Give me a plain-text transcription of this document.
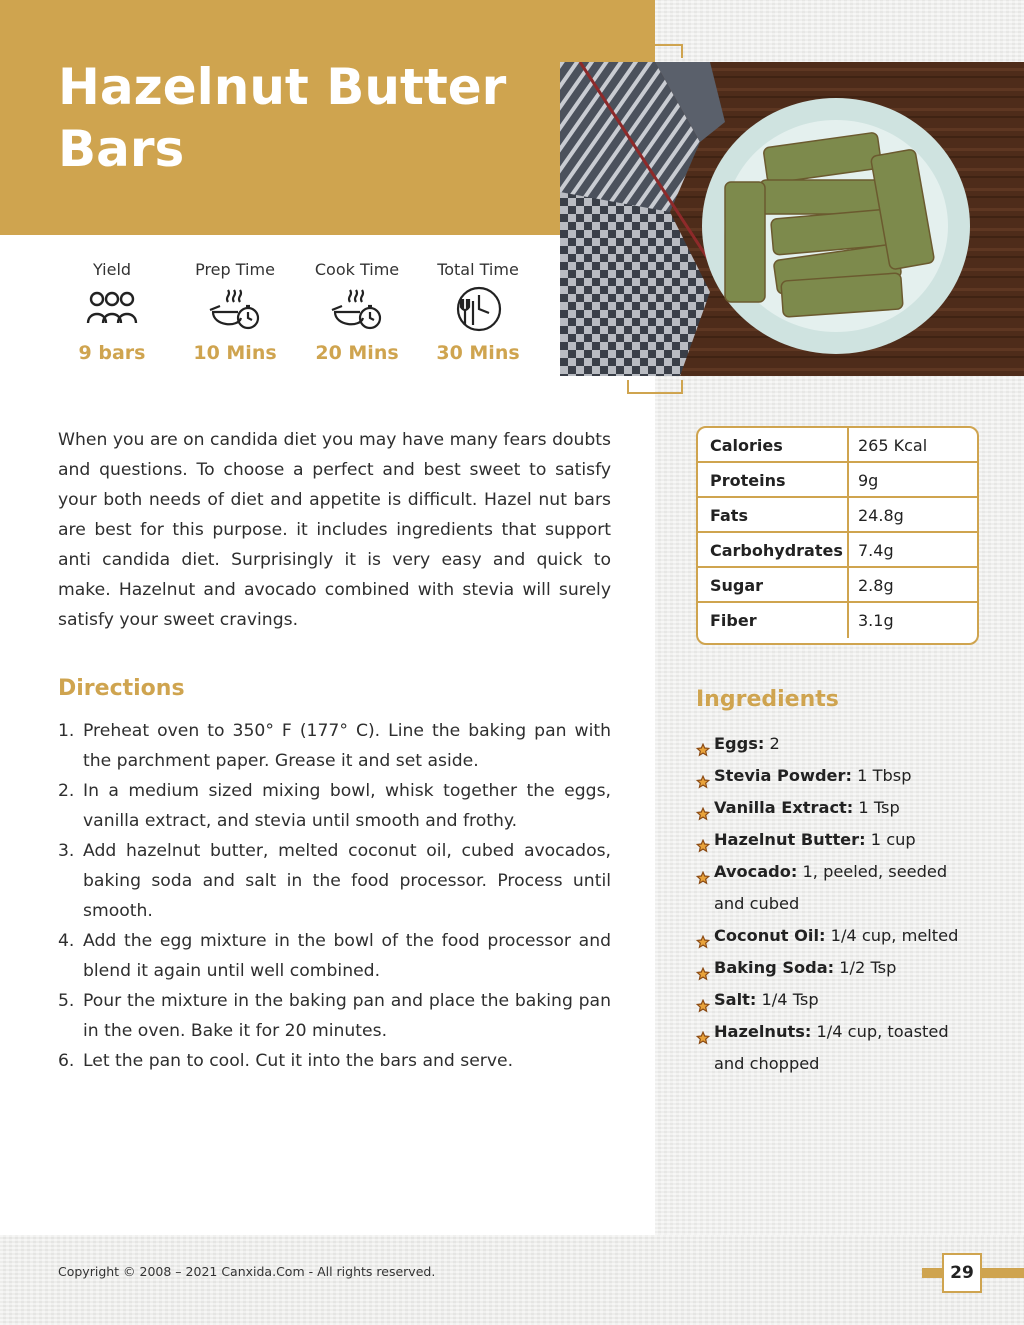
Hazelnut Butter Bars
Yield
9 bars
Prep Time
10 Mins
Cook Time
20 Mins
Total Time
30 Mins

When you are on candida diet you may have many fears doubts and questions. To choose a perfect and best sweet to satisfy your both needs of diet and appetite is difficult. Hazel nut bars are best for this purpose. it includes ingredients that support anti candida diet. Surprisingly it is very easy and quick to make. Hazelnut and avocado combined with stevia will surely satisfy your sweet cravings.

Directions
1. Preheat oven to 350° F (177° C). Line the baking pan with the parchment paper. Grease it and set aside.
2. In a medium sized mixing bowl, whisk together the eggs, vanilla extract, and stevia until smooth and frothy.
3. Add hazelnut butter, melted coconut oil, cubed avocados, baking soda and salt in the food processor. Process until smooth.
4. Add the egg mixture in the bowl of the food processor and blend it again until well combined.
5. Pour the mixture in the baking pan and place the baking pan in the oven. Bake it for 20 minutes.
6. Let the pan to cool. Cut it into the bars and serve.
Calories	265 Kcal
Proteins	9g
Fats	24.8g
Carbohydrates 7.4g
Sugar	2.8g
Fiber	3.1g
Ingredients
Eggs: 2
Stevia Powder: 1 Tbsp
Vanilla Extract: 1 Tsp
Hazelnut Butter: 1 cup
Avocado: 1, peeled, seeded and cubed
Coconut Oil: 1/4 cup, melted
Baking Soda: 1/2 Tsp
Salt: 1/4 Tsp
Hazelnuts: 1/4 cup, toasted and chopped
Copyright © 2008 – 2021 Canxida.Com - All rights reserved.	29
